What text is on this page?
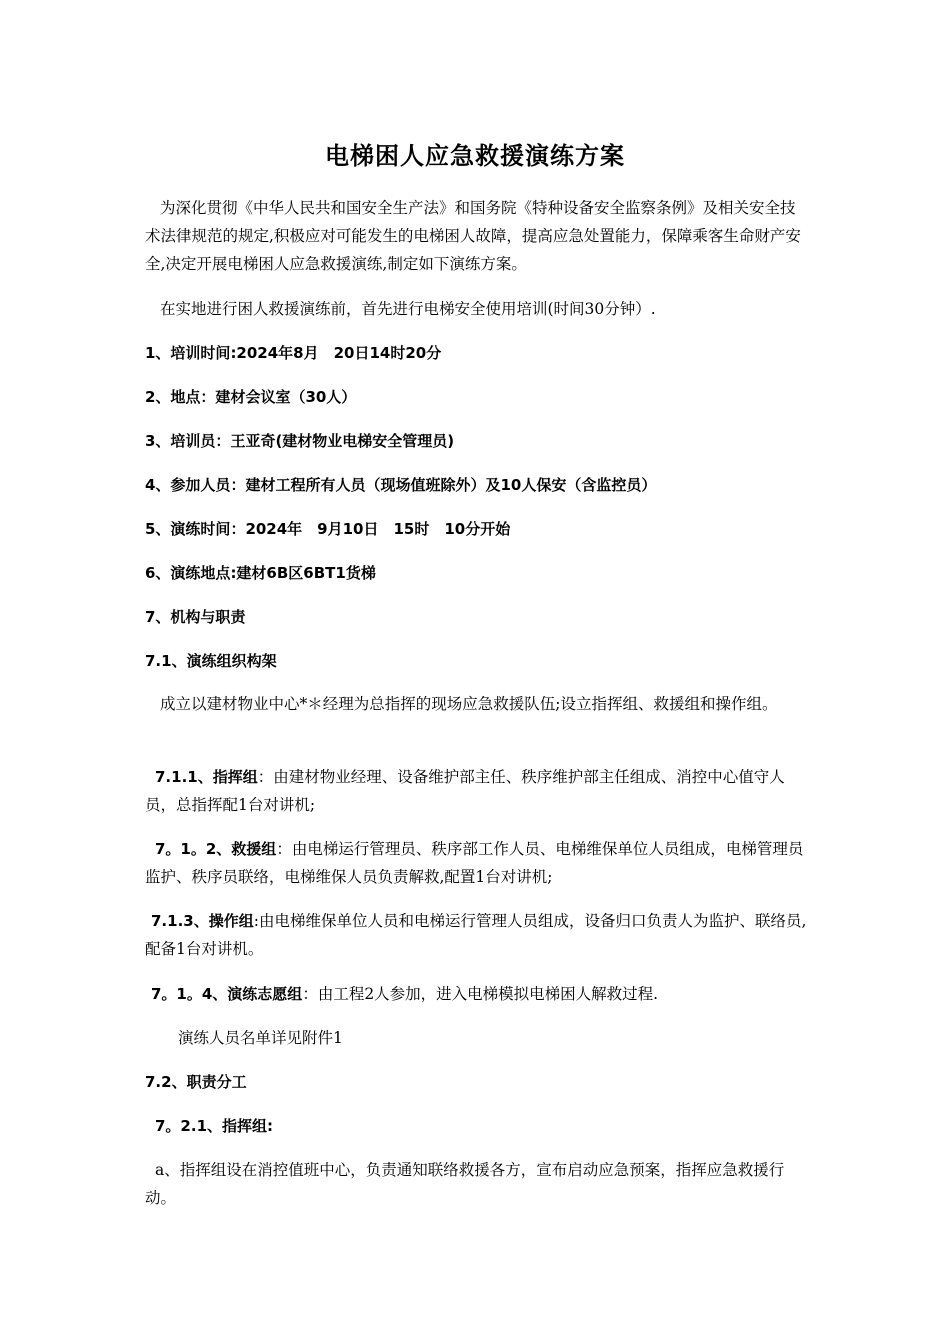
电梯困人应急救援演练方案
为深化贯彻《中华人民共和国安全生产法》和国务院《特种设备安全监察条例》及相关安全技术法律规范的规定,积极应对可能发生的电梯困人故障，提高应急处置能力，保障乘客生命财产安全,决定开展电梯困人应急救援演练,制定如下演练方案。
在实地进行困人救援演练前，首先进行电梯安全使用培训(时间30分钟）.
1、培训时间:2024年8月　20日14时20分
2、地点：建材会议室（30人）
3、培训员：王亚奇(建材物业电梯安全管理员)
4、参加人员：建材工程所有人员（现场值班除外）及10人保安（含监控员）
5、演练时间：2024年　9月10日　15时　10分开始
6、演练地点:建材6B区6BT1货梯
7、机构与职责
7.1、演练组织构架
成立以建材物业中心*＊经理为总指挥的现场应急救援队伍;设立指挥组、救援组和操作组。
7.1.1、指挥组：由建材物业经理、设备维护部主任、秩序维护部主任组成、消控中心值守人员，总指挥配1台对讲机;
7。1。2、救援组：由电梯运行管理员、秩序部工作人员、电梯维保单位人员组成，电梯管理员监护、秩序员联络，电梯维保人员负责解救,配置1台对讲机;
7.1.3、操作组:由电梯维保单位人员和电梯运行管理人员组成，设备归口负责人为监护、联络员,配备1台对讲机。
7。1。4、演练志愿组：由工程2人参加，进入电梯模拟电梯困人解救过程.
演练人员名单详见附件1
7.2、职责分工
7。2.1、指挥组:
a、指挥组设在消控值班中心，负责通知联络救援各方，宣布启动应急预案，指挥应急救援行动。
